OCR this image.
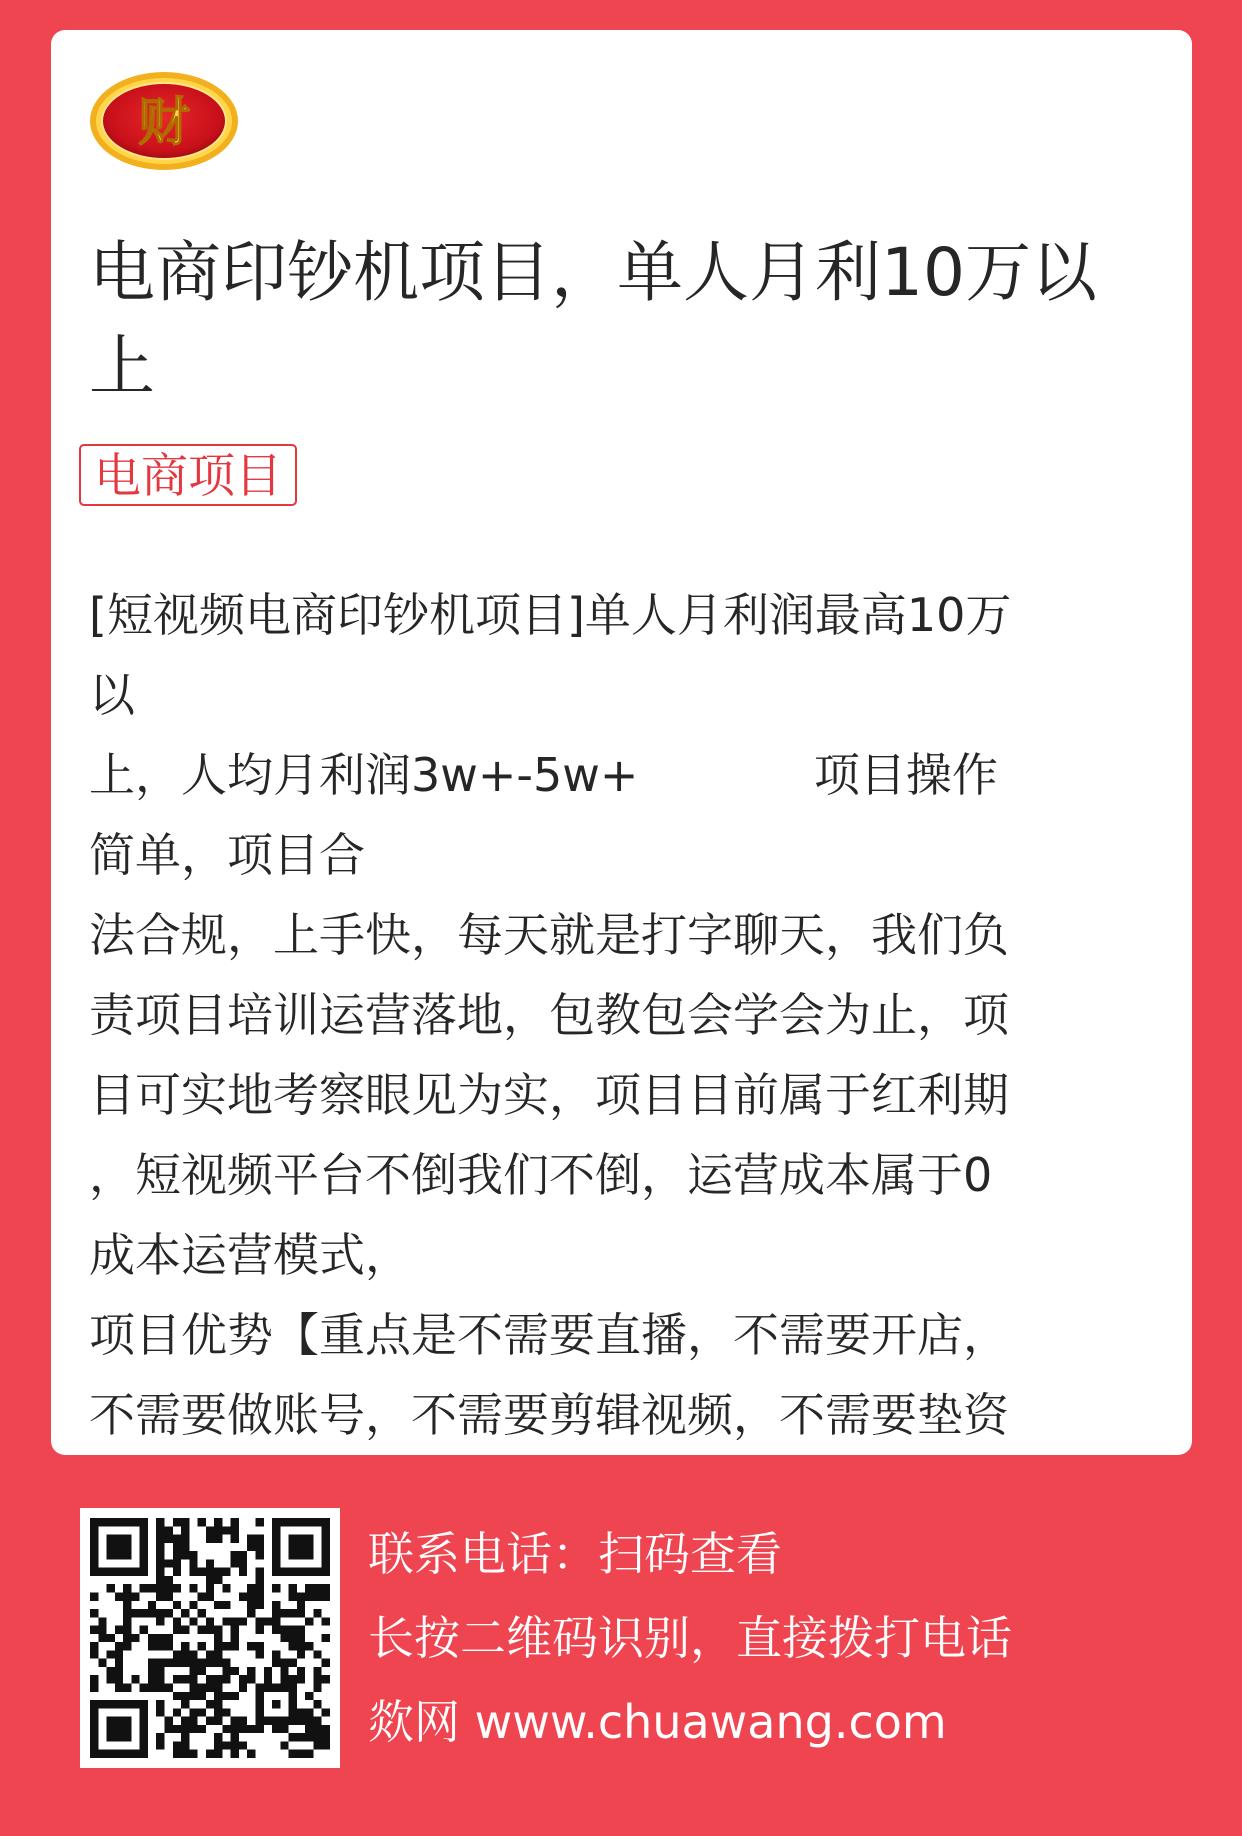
财
电商印钞机项目，单人月利10万以
上
电商项目
[短视频电商印钞机项目]单人月利润最高10万
以
上，人均月利润3w+-5w+            项目操作
简单，项目合
法合规，上手快，每天就是打字聊天，我们负
责项目培训运营落地，包教包会学会为止，项
目可实地考察眼见为实，项目目前属于红利期
，短视频平台不倒我们不倒，运营成本属于0
成本运营模式，
项目优势【重点是不需要直播，不需要开店，
不需要做账号，不需要剪辑视频，不需要垫资
联系电话：扫码查看
长按二维码识别，直接拨打电话
欻网 www.chuawang.com
